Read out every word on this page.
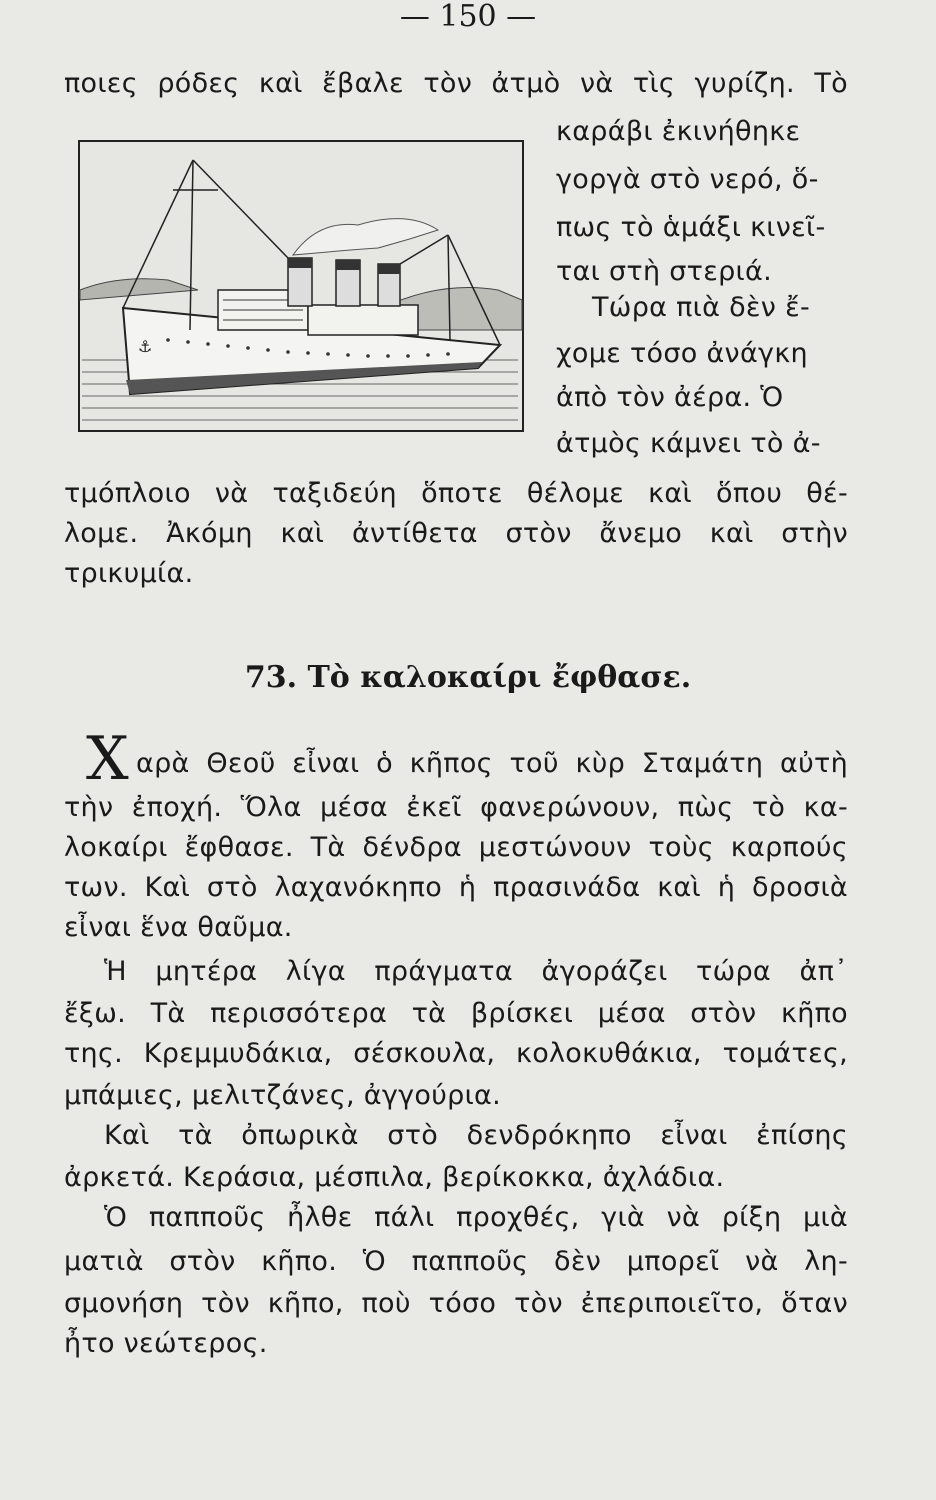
— 150 —
⚓
ποιες ρόδες καὶ ἔβαλε τὸν ἀτμὸ νὰ τὶς γυρίζη. Τὸ
καράβι ἐκινήθηκε
γοργὰ στὸ νερό, ὅ-
πως τὸ ἁμάξι κινεῖ-
ται στὴ στεριά.
Τώρα πιὰ δὲν ἔ-
χομε τόσο ἀνάγκη
ἀπὸ τὸν ἀέρα. Ὁ
ἀτμὸς κάμνει τὸ ἀ-
τμόπλοιο νὰ ταξιδεύη ὅποτε θέλομε καὶ ὅπου θέ-
λομε. Ἀκόμη καὶ ἀντίθετα στὸν ἄνεμο καὶ στὴν
τρικυμία.
73. Τὸ καλοκαίρι ἔφθασε.
Χ αρὰ Θεοῦ εἶναι ὁ κῆπος τοῦ κὺρ Σταμάτη αὐτὴ
τὴν ἐποχή. Ὅλα μέσα ἐκεῖ φανερώνουν, πὼς τὸ κα-
λοκαίρι ἔφθασε. Τὰ δένδρα μεστώνουν τοὺς καρπούς
των. Καὶ στὸ λαχανόκηπο ἡ πρασινάδα καὶ ἡ δροσιὰ
εἶναι ἕνα θαῦμα.
Ἡ μητέρα λίγα πράγματα ἀγοράζει τώρα ἀπ᾽
ἔξω. Τὰ περισσότερα τὰ βρίσκει μέσα στὸν κῆπο
της. Κρεμμυδάκια, σέσκουλα, κολοκυθάκια, τομάτες,
μπάμιες, μελιτζάνες, ἀγγούρια.
Καὶ τὰ ὀπωρικὰ στὸ δενδρόκηπο εἶναι ἐπίσης
ἀρκετά. Κεράσια, μέσπιλα, βερίκοκκα, ἀχλάδια.
Ὁ παπποῦς ἦλθε πάλι προχθές, γιὰ νὰ ρίξη μιὰ
ματιὰ στὸν κῆπο. Ὁ παπποῦς δὲν μπορεῖ νὰ λη-
σμονήση τὸν κῆπο, ποὺ τόσο τὸν ἐπεριποιεῖτο, ὅταν
ἦτο νεώτερος.
